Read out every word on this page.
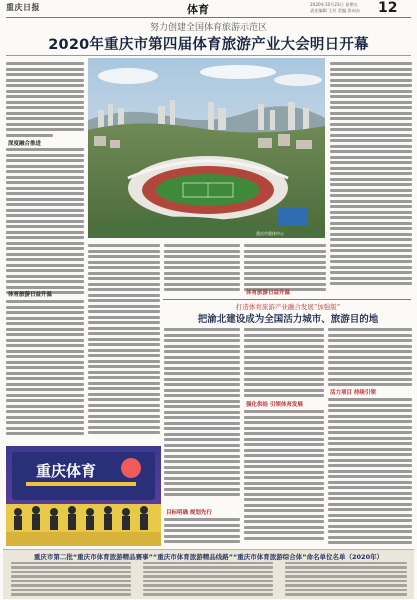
重庆日报	体育	2020年10月23日 星期五
责任编辑 王芳 美编 张向东 12
努力创建全国体育旅游示范区
2020年重庆市第四届体育旅游产业大会明日开幕
深度融合推进
重庆市奥体中心
体育旅游日益升温
体育旅游日益升温
打造体育旅游产业融合发展“加强版”
把渝北建设成为全国活力城市、旅游目的地
目标明确 规划先行
强化供给 引领体育发展
活力项目 持续引领
重庆体育
重庆市第二批“重庆市体育旅游精品赛事”“重庆市体育旅游精品线路”“重庆市体育旅游综合体”命名单位名单（2020年）
